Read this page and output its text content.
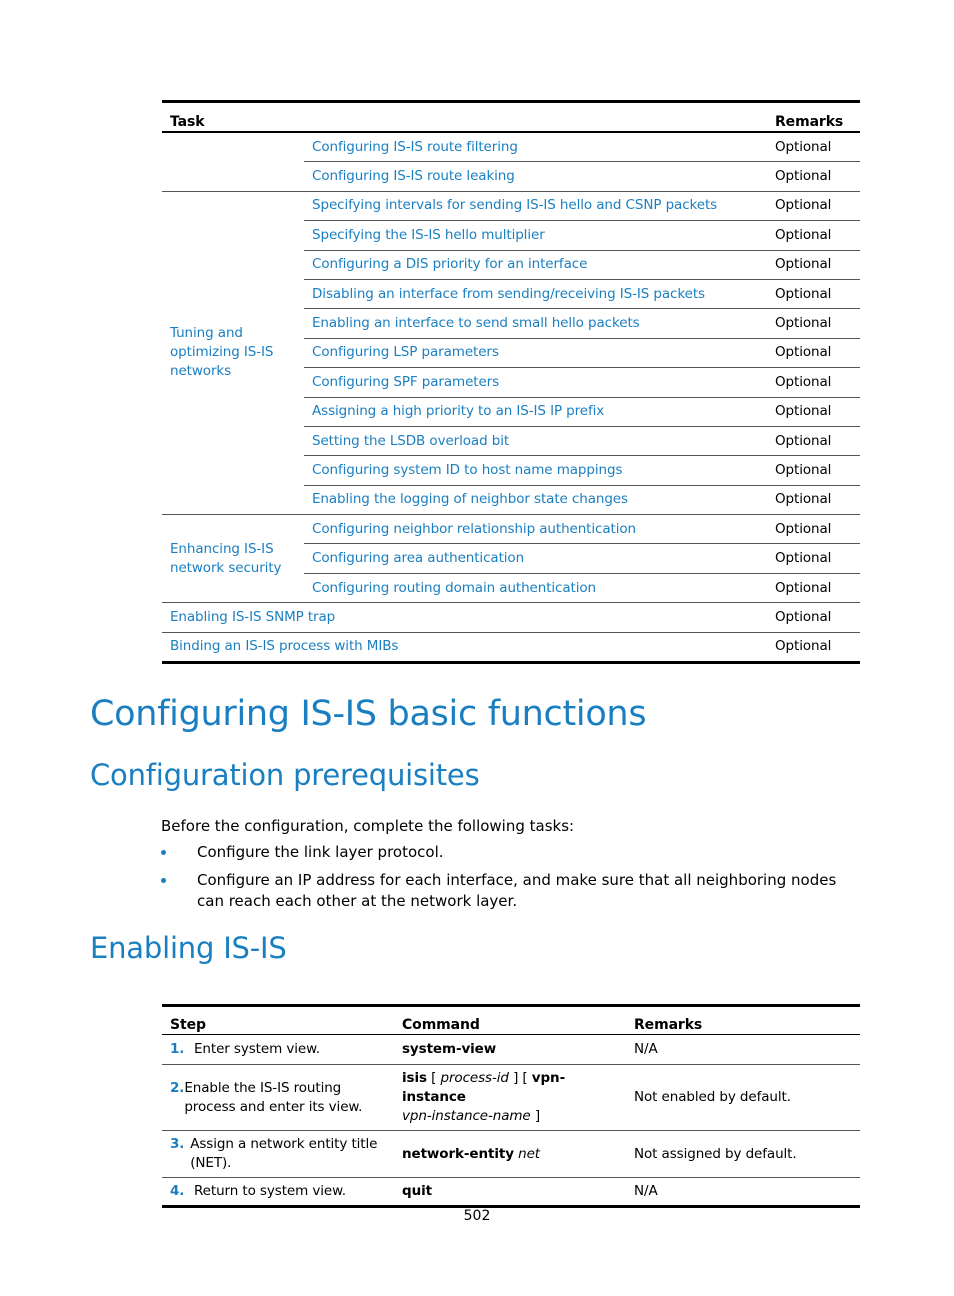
Task		Remarks
	Configuring IS-IS route filtering	Optional
	Configuring IS-IS route leaking	Optional
Tuning and optimizing IS-IS networks	Specifying intervals for sending IS-IS hello and CSNP packets	Optional
	Specifying the IS-IS hello multiplier	Optional
	Configuring a DIS priority for an interface	Optional
	Disabling an interface from sending/receiving IS-IS packets	Optional
	Enabling an interface to send small hello packets	Optional
	Configuring LSP parameters	Optional
	Configuring SPF parameters	Optional
	Assigning a high priority to an IS-IS IP prefix	Optional
	Setting the LSDB overload bit	Optional
	Configuring system ID to host name mappings	Optional
	Enabling the logging of neighbor state changes	Optional
Enhancing IS-IS network security	Configuring neighbor relationship authentication	Optional
	Configuring area authentication	Optional
	Configuring routing domain authentication	Optional
Enabling IS-IS SNMP trap		Optional
Binding an IS-IS process with MIBs		Optional
Configuring IS-IS basic functions
Configuration prerequisites

Before the configuration, complete the following tasks:

Configure the link layer protocol.
Configure an IP address for each interface, and make sure that all neighboring nodes can reach each other at the network layer.
Enabling IS-IS
Step	Command	Remarks

1. Enter system view.	system-view	N/A

2. Enable the IS-IS routing process and enter its view.	isis [ process-id ] [ vpn-instance
vpn-instance-name ]	Not enabled by default.

3. Assign a network entity title (NET).	network-entity net	Not assigned by default.

4. Return to system view.	quit	N/A
502
